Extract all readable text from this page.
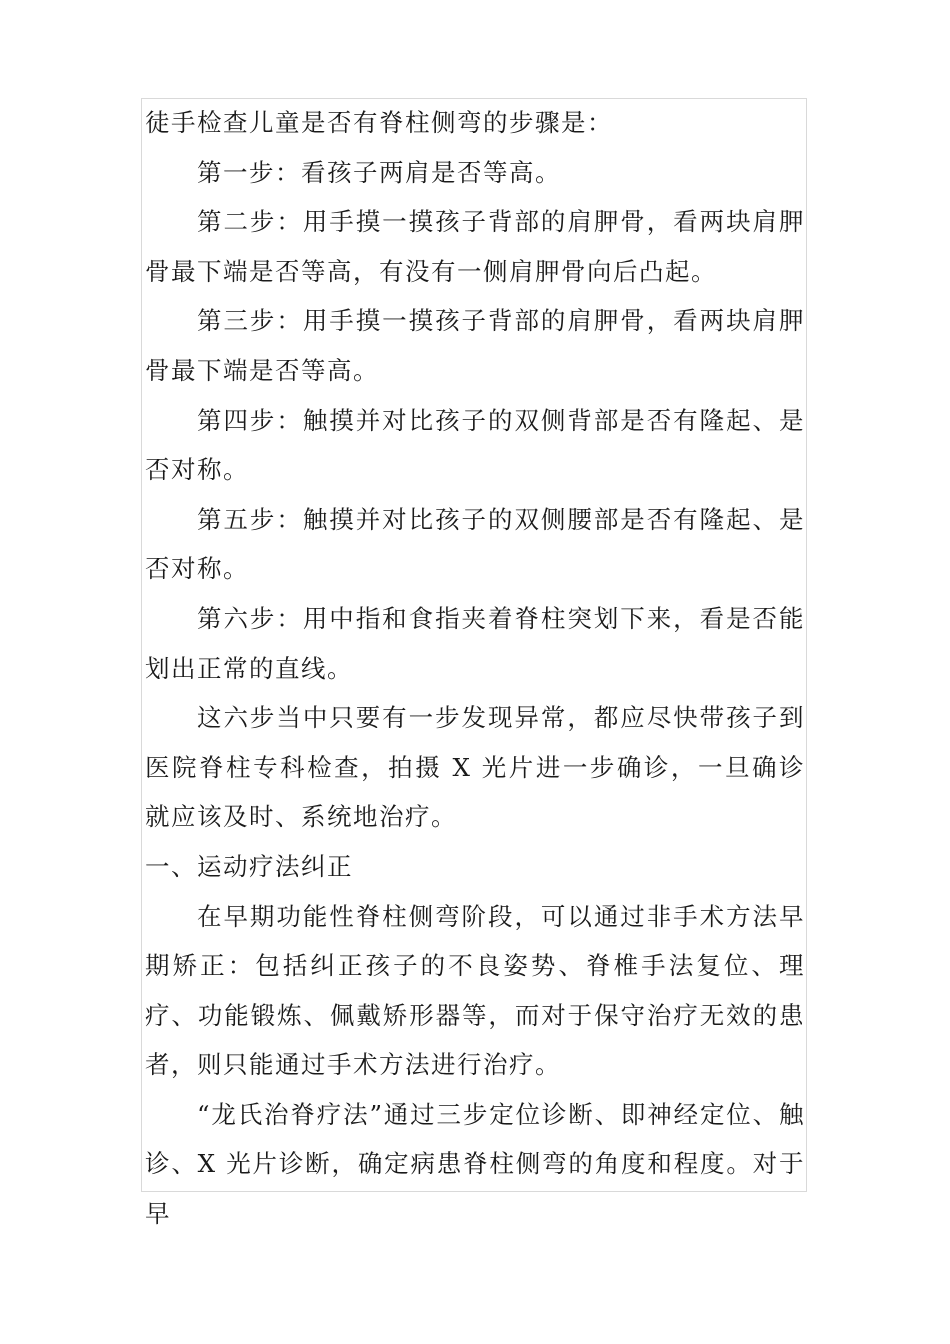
徒手检查儿童是否有脊柱侧弯的步骤是：

第一步：看孩子两肩是否等高。

第二步：用手摸一摸孩子背部的肩胛骨，看两块肩胛骨最下端是否等高，有没有一侧肩胛骨向后凸起。

第三步：用手摸一摸孩子背部的肩胛骨，看两块肩胛骨最下端是否等高。

第四步：触摸并对比孩子的双侧背部是否有隆起、是否对称。

第五步：触摸并对比孩子的双侧腰部是否有隆起、是否对称。

第六步：用中指和食指夹着脊柱突划下来，看是否能划出正常的直线。

这六步当中只要有一步发现异常，都应尽快带孩子到医院脊柱专科检查，拍摄 X 光片进一步确诊，一旦确诊就应该及时、系统地治疗。

一、运动疗法纠正

在早期功能性脊柱侧弯阶段，可以通过非手术方法早期矫正：包括纠正孩子的不良姿势、脊椎手法复位、理疗、功能锻炼、佩戴矫形器等，而对于保守治疗无效的患者，则只能通过手术方法进行治疗。

“龙氏治脊疗法”通过三步定位诊断、即神经定位、触诊、X 光片诊断，确定病患脊柱侧弯的角度和程度。对于早
